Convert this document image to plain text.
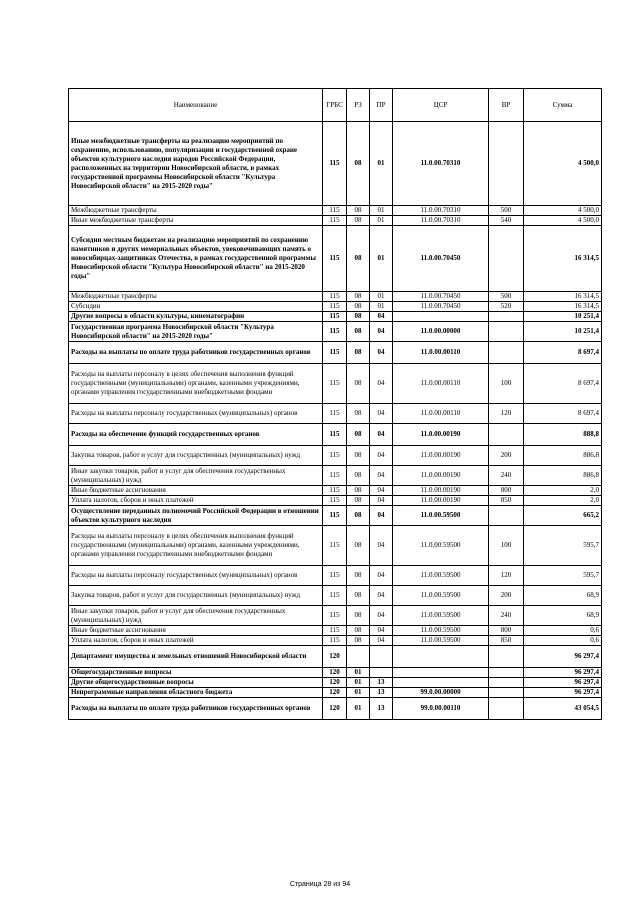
Наименование	ГРБС	РЗ	ПР	ЦСР	ВР	Сумма
Иные межбюджетные трансферты на реализацию мероприятий по сохранению, использованию, популяризации и государственной охране объектов культурного наследия народов Российской Федерации, расположенных на территории Новосибирской области, в рамках государственной программы Новосибирской области "Культура Новосибирской области" на 2015-2020 годы"	115	08	01	11.0.00.70310		4 500,0
Межбюджетные трансферты	115	08	01	11.0.00.70310	500	4 500,0
Иные межбюджетные трансферты	115	08	01	11.0.00.70310	540	4 500,0
Субсидии местным бюджетам на реализацию мероприятий по сохранению памятников и других мемориальных объектов, увековечивающих память о новосибирцах-защитниках Отечества, в рамках государственной программы Новосибирской области "Культура Новосибирской области" на 2015-2020 годы"	115	08	01	11.0.00.70450		16 314,5
Межбюджетные трансферты	115	08	01	11.0.00.70450	500	16 314,5
Субсидии	115	08	01	11.0.00.70450	520	16 314,5
Другие вопросы в области культуры, кинематографии	115	08	04			10 251,4
Государственная программа Новосибирской области "Культура Новосибирской области" на 2015-2020 годы"	115	08	04	11.0.00.00000		10 251,4
Расходы на выплаты по оплате труда работников государственных органов	115	08	04	11.0.00.00110		8 697,4
Расходы на выплаты персоналу в целях обеспечения выполнения функций государственными (муниципальными) органами, казенными учреждениями, органами управления государственными внебюджетными фондами	115	08	04	11.0.00.00110	100	8 697,4
Расходы на выплаты персоналу государственных (муниципальных) органов	115	08	04	11.0.00.00110	120	8 697,4
Расходы на обеспечение функций государственных органов	115	08	04	11.0.00.00190		888,8
Закупка товаров, работ и услуг для государственных (муниципальных) нужд	115	08	04	11.0.00.00190	200	886,8
Иные закупки товаров, работ и услуг для обеспечения государственных (муниципальных) нужд	115	08	04	11.0.00.00190	240	886,8
Иные бюджетные ассигнования	115	08	04	11.0.00.00190	800	2,0
Уплата налогов, сборов и иных платежей	115	08	04	11.0.00.00190	850	2,0
Осуществление переданных полномочий Российской Федерации в отношении объектов культурного наследия	115	08	04	11.0.00.59500		665,2
Расходы на выплаты персоналу в целях обеспечения выполнения функций государственными (муниципальными) органами, казенными учреждениями, органами управления государственными внебюджетными фондами	115	08	04	11.0.00.59500	100	595,7
Расходы на выплаты персоналу государственных (муниципальных) органов	115	08	04	11.0.00.59500	120	595,7
Закупка товаров, работ и услуг для государственных (муниципальных) нужд	115	08	04	11.0.00.59500	200	68,9
Иные закупки товаров, работ и услуг для обеспечения государственных (муниципальных) нужд	115	08	04	11.0.00.59500	240	68,9
Иные бюджетные ассигнования	115	08	04	11.0.00.59500	800	0,6
Уплата налогов, сборов и иных платежей	115	08	04	11.0.00.59500	850	0,6
Департамент имущества и земельных отношений Новосибирской области	120					96 297,4
Общегосударственные вопросы	120	01				96 297,4
Другие общегосударственные вопросы	120	01	13			96 297,4
Непрограммные направления областного бюджета	120	01	13	99.0.00.00000		96 297,4
Расходы на выплаты по оплате труда работников государственных органов	120	01	13	99.0.00.00110		43 054,5
Страница 28 из 94
